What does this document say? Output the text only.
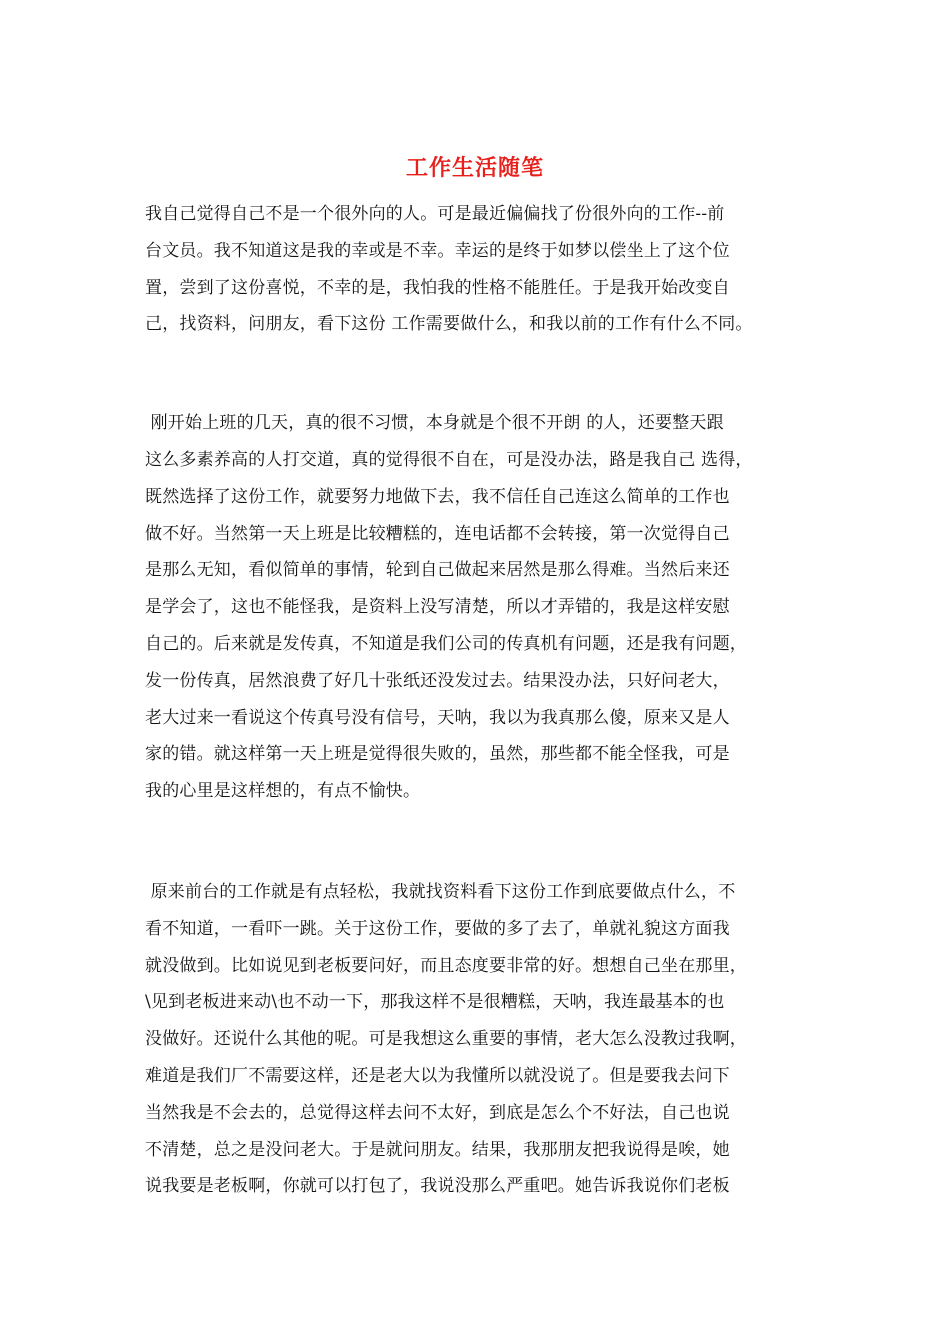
工作生活随笔
我自己觉得自己不是一个很外向的人。可是最近偏偏找了份很外向的工作--前
台文员。我不知道这是我的幸或是不幸。幸运的是终于如梦以偿坐上了这个位
置，尝到了这份喜悦，不幸的是，我怕我的性格不能胜任。于是我开始改变自
己，找资料，问朋友，看下这份 工作需要做什么，和我以前的工作有什么不同。
刚开始上班的几天，真的很不习惯，本身就是个很不开朗 的人，还要整天跟
这么多素养高的人打交道，真的觉得很不自在，可是没办法，路是我自己 选得，
既然选择了这份工作，就要努力地做下去，我不信任自己连这么简单的工作也
做不好。当然第一天上班是比较糟糕的，连电话都不会转接，第一次觉得自己
是那么无知，看似简单的事情，轮到自己做起来居然是那么得难。当然后来还
是学会了，这也不能怪我，是资料上没写清楚，所以才弄错的，我是这样安慰
自己的。后来就是发传真，不知道是我们公司的传真机有问题，还是我有问题，
发一份传真，居然浪费了好几十张纸还没发过去。结果没办法，只好问老大，
老大过来一看说这个传真号没有信号，天呐，我以为我真那么傻，原来又是人
家的错。就这样第一天上班是觉得很失败的，虽然，那些都不能全怪我，可是
我的心里是这样想的，有点不愉快。
原来前台的工作就是有点轻松，我就找资料看下这份工作到底要做点什么，不
看不知道，一看吓一跳。关于这份工作，要做的多了去了，单就礼貌这方面我
就没做到。比如说见到老板要问好，而且态度要非常的好。想想自己坐在那里，
\见到老板进来动\也不动一下，那我这样不是很糟糕，天呐，我连最基本的也
没做好。还说什么其他的呢。可是我想这么重要的事情，老大怎么没教过我啊，
难道是我们厂不需要这样，还是老大以为我懂所以就没说了。但是要我去问下
当然我是不会去的，总觉得这样去问不太好，到底是怎么个不好法，自己也说
不清楚，总之是没问老大。于是就问朋友。结果，我那朋友把我说得是唉，她
说我要是老板啊，你就可以打包了，我说没那么严重吧。她告诉我说你们老板
